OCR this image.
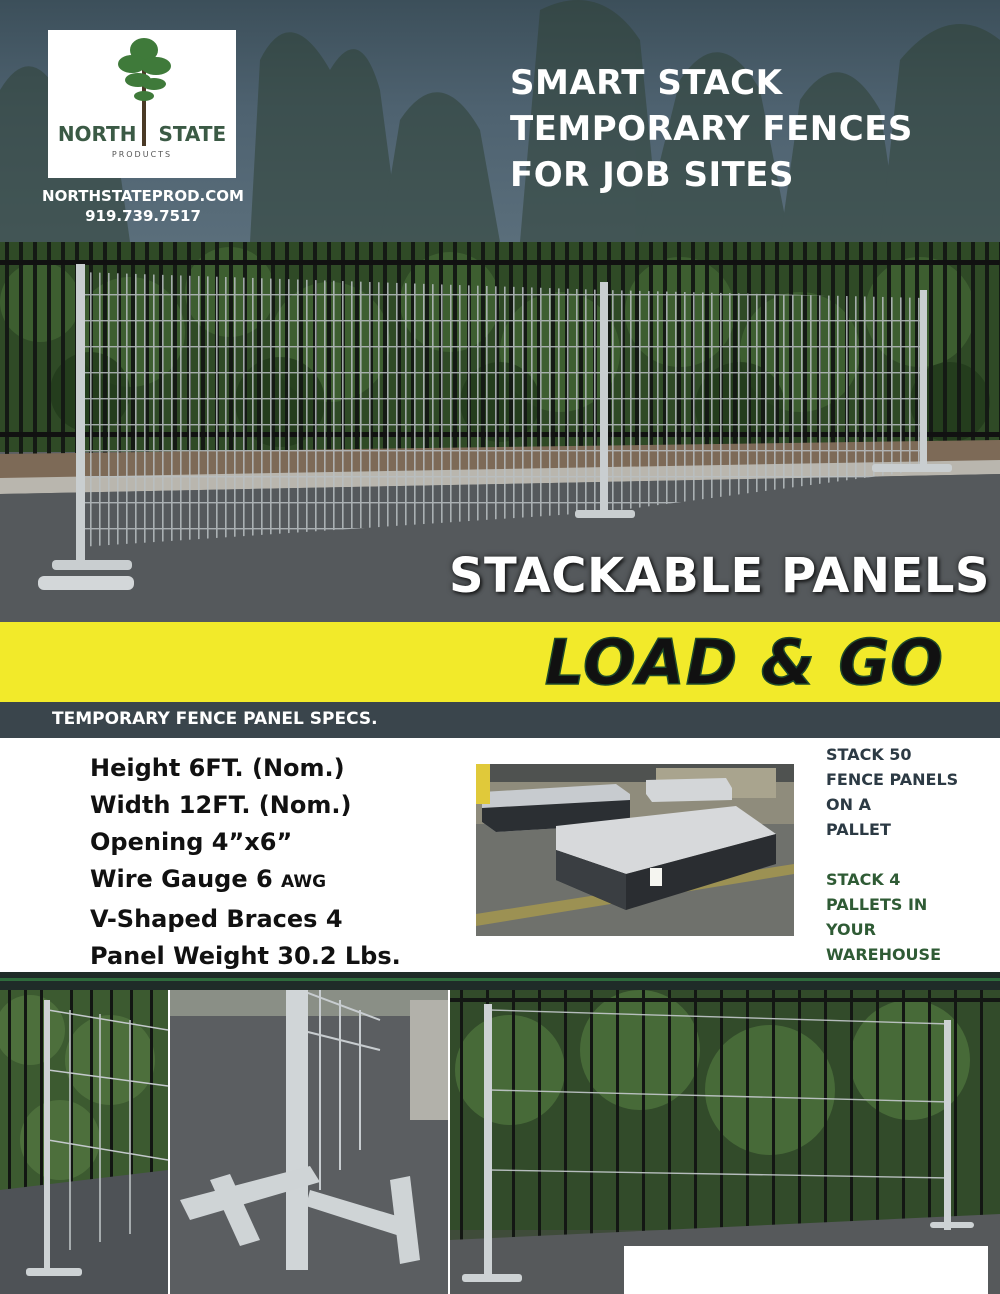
NORTH STATE
PRODUCTS
NORTHSTATEPROD.COM
919.739.7517
SMART STACK
TEMPORARY FENCES
FOR JOB SITES
STACKABLE PANELS
LOAD & GO
TEMPORARY FENCE PANEL SPECS.
Height 6FT. (Nom.)
Width 12FT. (Nom.)
Opening 4”x6”
Wire Gauge 6 AWG
V-Shaped Braces 4
Panel Weight 30.2 Lbs.
STACK 50
FENCE PANELS
ON A
PALLET
STACK 4
PALLETS IN
YOUR
WAREHOUSE
